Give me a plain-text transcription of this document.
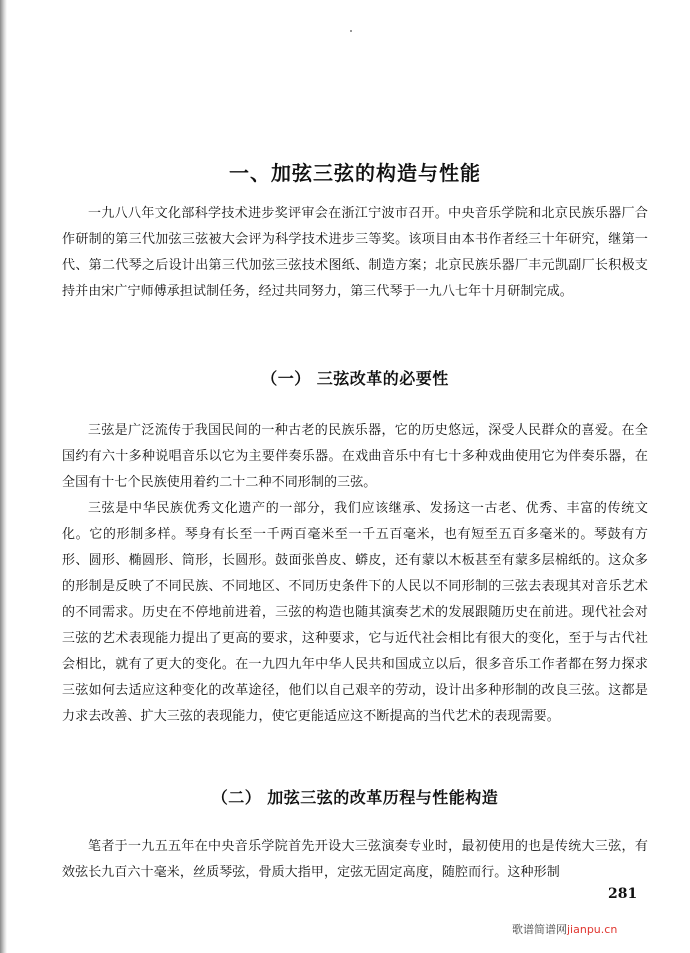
一、加弦三弦的构造与性能

一九八八年文化部科学技术进步奖评审会在浙江宁波市召开。中央音乐学院和北京民族乐器厂合作研制的第三代加弦三弦被大会评为科学技术进步三等奖。该项目由本书作者经三十年研究，继第一代、第二代琴之后设计出第三代加弦三弦技术图纸、制造方案；北京民族乐器厂丰元凯副厂长积极支持并由宋广宁师傅承担试制任务，经过共同努力，第三代琴于一九八七年十月研制完成。

（一） 三弦改革的必要性

三弦是广泛流传于我国民间的一种古老的民族乐器，它的历史悠远，深受人民群众的喜爱。在全国约有六十多种说唱音乐以它为主要伴奏乐器。在戏曲音乐中有七十多种戏曲使用它为伴奏乐器，在全国有十七个民族使用着约二十二种不同形制的三弦。

三弦是中华民族优秀文化遗产的一部分，我们应该继承、发扬这一古老、优秀、丰富的传统文化。它的形制多样。琴身有长至一千两百毫米至一千五百毫米，也有短至五百多毫米的。琴鼓有方形、圆形、椭圆形、筒形，长圆形。鼓面张兽皮、蟒皮，还有蒙以木板甚至有蒙多层棉纸的。这众多的形制是反映了不同民族、不同地区、不同历史条件下的人民以不同形制的三弦去表现其对音乐艺术的不同需求。历史在不停地前进着，三弦的构造也随其演奏艺术的发展跟随历史在前进。现代社会对三弦的艺术表现能力提出了更高的要求，这种要求，它与近代社会相比有很大的变化，至于与古代社会相比，就有了更大的变化。在一九四九年中华人民共和国成立以后，很多音乐工作者都在努力探求三弦如何去适应这种变化的改革途径，他们以自己艰辛的劳动，设计出多种形制的改良三弦。这都是力求去改善、扩大三弦的表现能力，使它更能适应这不断提高的当代艺术的表现需要。

（二） 加弦三弦的改革历程与性能构造

笔者于一九五五年在中央音乐学院首先开设大三弦演奏专业时，最初使用的也是传统大三弦，有效弦长九百六十毫米，丝质琴弦，骨质大指甲，定弦无固定高度，随腔而行。这种形制

281
歌谱简谱网jianpu.cn
